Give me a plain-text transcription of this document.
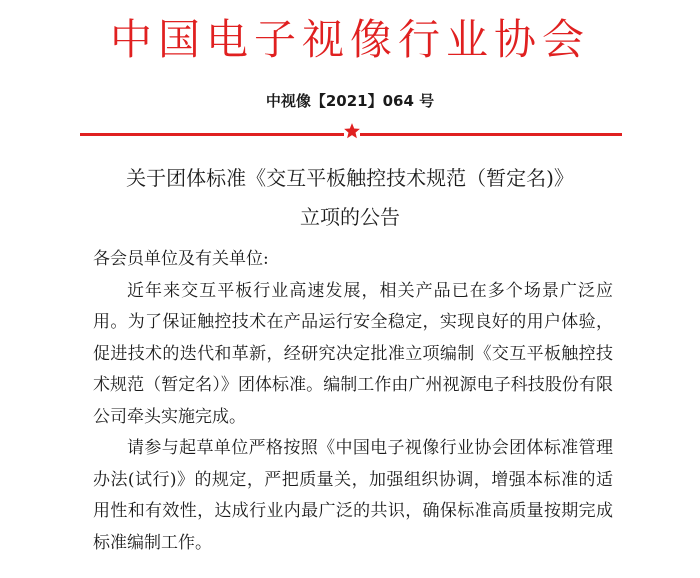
中国电子视像行业协会
中视像【2021】064 号
关于团体标准《交互平板触控技术规范（暂定名)》
立项的公告

各会员单位及有关单位:

近年来交互平板行业高速发展，相关产品已在多个场景广泛应用。为了保证触控技术在产品运行安全稳定，实现良好的用户体验，促进技术的迭代和革新，经研究决定批准立项编制《交互平板触控技术规范（暂定名）》团体标准。编制工作由广州视源电子科技股份有限公司牵头实施完成。

请参与起草单位严格按照《中国电子视像行业协会团体标准管理办法(试行)》的规定，严把质量关，加强组织协调，增强本标准的适用性和有效性，达成行业内最广泛的共识，确保标准高质量按期完成标准编制工作。
